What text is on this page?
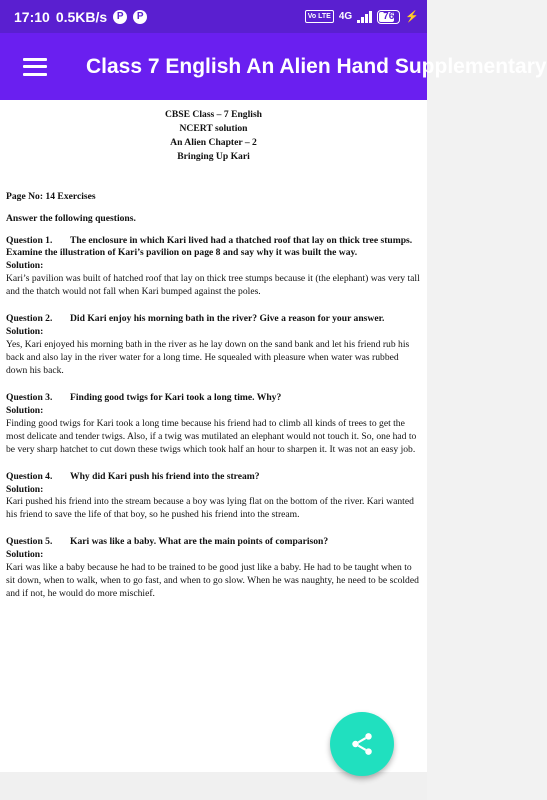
17:10 0.5KB/s P	P	Vo LTE 4G	76	⚡
Class 7 English An Alien Hand Supplementary
CBSE Class – 7 English
NCERT solution
An Alien Chapter – 2
Bringing Up Kari
Page No: 14 Exercises
Answer the following questions.
Question 1. The enclosure in which Kari lived had a thatched roof that lay on thick tree stumps. Examine the illustration of Kari’s pavilion on page 8 and say why it was built the way.
Solution:
Kari’s pavilion was built of hatched roof that lay on thick tree stumps because it (the elephant) was very tall and the thatch would not fall when Kari bumped against the poles.
Question 2. Did Kari enjoy his morning bath in the river? Give a reason for your answer.
Solution:
Yes, Kari enjoyed his morning bath in the river as he lay down on the sand bank and let his friend rub his back and also lay in the river water for a long time. He squealed with pleasure when water was rubbed down his back.
Question 3. Finding good twigs for Kari took a long time. Why?
Solution:
Finding good twigs for Kari took a long time because his friend had to climb all kinds of trees to get the most delicate and tender twigs. Also, if a twig was mutilated an elephant would not touch it. So, one had to be very sharp hatchet to cut down these twigs which took half an hour to sharpen it. It was not an easy job.
Question 4. Why did Kari push his friend into the stream?
Solution:
Kari pushed his friend into the stream because a boy was lying flat on the bottom of the river. Kari wanted his friend to save the life of that boy, so he pushed his friend into the stream.
Question 5. Kari was like a baby. What are the main points of comparison?
Solution:
Kari was like a baby because he had to be trained to be good just like a baby. He had to be taught when to sit down, when to walk, when to go fast, and when to go slow. When he was naughty, he need to be scolded and if not, he would do more mischief.
